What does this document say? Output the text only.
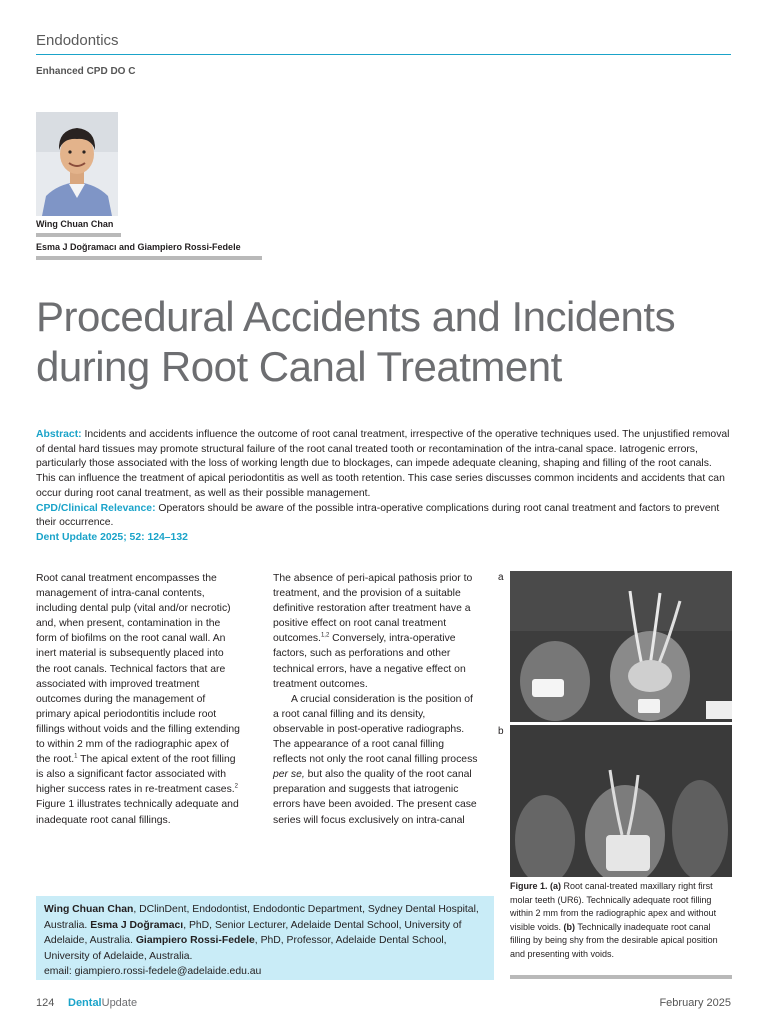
Endodontics
Enhanced CPD DO C
Wing Chuan Chan
Esma J Doğramacı and Giampiero Rossi-Fedele
Procedural Accidents and Incidents
during Root Canal Treatment

Abstract: Incidents and accidents influence the outcome of root canal treatment, irrespective of the operative techniques used. The unjustified removal of dental hard tissues may promote structural failure of the root canal treated tooth or recontamination of the intra-canal space. Iatrogenic errors, particularly those associated with the loss of working length due to blockages, can impede adequate cleaning, shaping and filling of the root canals. This can influence the treatment of apical periodontitis as well as tooth retention. This case series discusses common incidents and accidents that can occur during root canal treatment, as well as their possible management.

CPD/Clinical Relevance: Operators should be aware of the possible intra-operative complications during root canal treatment and factors to prevent their occurrence.

Dent Update 2025; 52: 124–132

Root canal treatment encompasses the management of intra-canal contents, including dental pulp (vital and/or necrotic) and, when present, contamination in the form of biofilms on the root canal wall. An inert material is subsequently placed into the root canals. Technical factors that are associated with improved treatment outcomes during the management of primary apical periodontitis include root fillings without voids and the filling extending to within 2 mm of the radiographic apex of the root.$^1$ The apical extent of the root filling is also a significant factor associated with higher success rates in re-treatment cases.$^2$ Figure 1 illustrates technically adequate and inadequate root canal fillings.

The absence of peri-apical pathosis prior to treatment, and the provision of a suitable definitive restoration after treatment have a positive effect on root canal treatment outcomes.$^{1,2}$ Conversely, intra-operative factors, such as perforations and other technical errors, have a negative effect on treatment outcomes.

A crucial consideration is the position of a root canal filling and its density, observable in post-operative radiographs. The appearance of a root canal filling reflects not only the root canal filling process per se, but also the quality of the root canal preparation and suggests that iatrogenic errors have been avoided. The present case series will focus exclusively on intra-canal

a
b
Figure 1. (a) Root canal-treated maxillary right first molar teeth (UR6). Technically adequate root filling within 2 mm from the radiographic apex and without visible voids. (b) Technically inadequate root canal filling by being shy from the desirable apical position and presenting with voids.

Wing Chuan Chan, DClinDent, Endodontist, Endodontic Department, Sydney Dental Hospital, Australia. Esma J Doğramacı, PhD, Senior Lecturer, Adelaide Dental School, University of Adelaide, Australia. Giampiero Rossi-Fedele, PhD, Professor, Adelaide Dental School, University of Adelaide, Australia.

email: giampiero.rossi-fedele@adelaide.edu.au

124 DentalUpdate	February 2025
